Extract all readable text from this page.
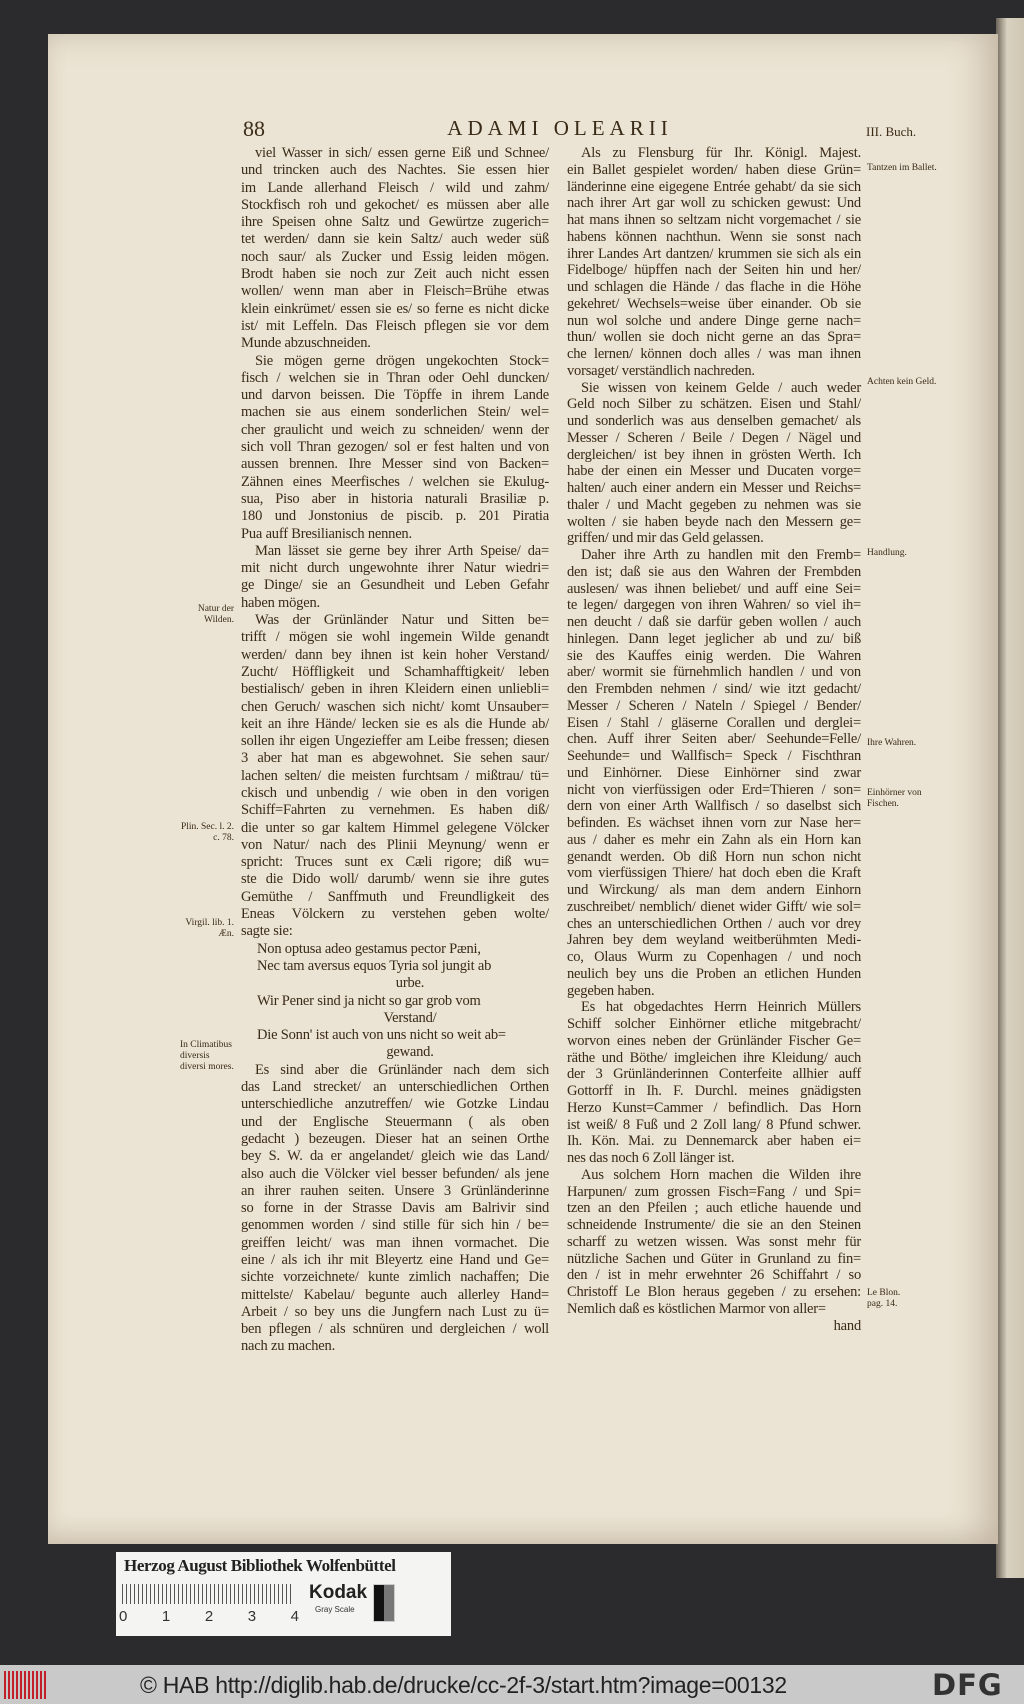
88	ADAMI OLEARII	III. Buch.
viel Wasser in sich/ essen gerne Eiß und Schnee/
und trincken auch des Nachtes. Sie essen hier
im Lande allerhand Fleisch / wild und zahm/
Stockfisch roh und gekochet/ es müssen aber alle
ihre Speisen ohne Saltz und Gewürtze zugerich=
tet werden/ dann sie kein Saltz/ auch weder süß
noch saur/ als Zucker und Essig leiden mögen.
Brodt haben sie noch zur Zeit auch nicht essen
wollen/ wenn man aber in Fleisch=Brühe etwas
klein einkrümet/ essen sie es/ so ferne es nicht dicke
ist/ mit Leffeln. Das Fleisch pflegen sie vor dem
Munde abzuschneiden.
Sie mögen gerne drögen ungekochten Stock=
fisch / welchen sie in Thran oder Oehl duncken/
und darvon beissen. Die Töpffe in ihrem Lande
machen sie aus einem sonderlichen Stein/ wel=
cher graulicht und weich zu schneiden/ wenn der
sich voll Thran gezogen/ sol er fest halten und von
aussen brennen. Ihre Messer sind von Backen=
Zähnen eines Meerfisches / welchen sie Ekulug-
sua, Piso aber in historia naturali Brasiliæ p.
180 und Jonstonius de piscib. p. 201 Piratia
Pua auff Bresilianisch nennen.
Man lässet sie gerne bey ihrer Arth Speise/ da=
mit nicht durch ungewohnte ihrer Natur wiedri=
ge Dinge/ sie an Gesundheit und Leben Gefahr
haben mögen.
Was der Grünländer Natur und Sitten be=
trifft / mögen sie wohl ingemein Wilde genandt
werden/ dann bey ihnen ist kein hoher Verstand/
Zucht/ Höffligkeit und Schamhafftigkeit/ leben
bestialisch/ geben in ihren Kleidern einen unliebli=
chen Geruch/ waschen sich nicht/ komt Unsauber=
keit an ihre Hände/ lecken sie es als die Hunde ab/
sollen ihr eigen Ungezieffer am Leibe fressen; diesen
3 aber hat man es abgewohnet. Sie sehen saur/
lachen selten/ die meisten furchtsam / mißtrau/ tü=
ckisch und unbendig / wie oben in den vorigen
Schiff=Fahrten zu vernehmen. Es haben diß/
die unter so gar kaltem Himmel gelegene Völcker
von Natur/ nach des Plinii Meynung/ wenn er
spricht: Truces sunt ex Cæli rigore; diß wu=
ste die Dido woll/ darumb/ wenn sie ihre gutes
Gemüthe / Sanffmuth und Freundligkeit des
Eneas Völckern zu verstehen geben wolte/
sagte sie:
Non optusa adeo gestamus pector Pæni,
Nec tam aversus equos Tyria sol jungit ab
urbe.
Wir Pener sind ja nicht so gar grob vom
Verstand/
Die Sonn' ist auch von uns nicht so weit ab=
gewand.
Es sind aber die Grünländer nach dem sich
das Land strecket/ an unterschiedlichen Orthen
unterschiedliche anzutreffen/ wie Gotzke Lindau
und der Englische Steuermann ( als oben
gedacht ) bezeugen. Dieser hat an seinen Orthe
bey S. W. da er angelandet/ gleich wie das Land/
also auch die Völcker viel besser befunden/ als jene
an ihrer rauhen seiten. Unsere 3 Grünländerinne
so forne in der Strasse Davis am Balrivir sind
genommen worden / sind stille für sich hin / be=
greiffen leicht/ was man ihnen vormachet. Die
eine / als ich ihr mit Bleyertz eine Hand und Ge=
sichte vorzeichnete/ kunte zimlich nachaffen; Die
mittelste/ Kabelau/ begunte auch allerley Hand=
Arbeit / so bey uns die Jungfern nach Lust zu ü=
ben pflegen / als schnüren und dergleichen / woll
nach zu machen.
Als zu Flensburg für Ihr. Königl. Majest.
ein Ballet gespielet worden/ haben diese Grün=
länderinne eine eigegene Entrée gehabt/ da sie sich
nach ihrer Art gar woll zu schicken gewust: Und
hat mans ihnen so seltzam nicht vorgemachet / sie
habens können nachthun. Wenn sie sonst nach
ihrer Landes Art dantzen/ krummen sie sich als ein
Fidelboge/ hüpffen nach der Seiten hin und her/
und schlagen die Hände / das flache in die Höhe
gekehret/ Wechsels=weise über einander. Ob sie
nun wol solche und andere Dinge gerne nach=
thun/ wollen sie doch nicht gerne an das Spra=
che lernen/ können doch alles / was man ihnen
vorsaget/ verständlich nachreden.
Sie wissen von keinem Gelde / auch weder
Geld noch Silber zu schätzen. Eisen und Stahl/
und sonderlich was aus denselben gemachet/ als
Messer / Scheren / Beile / Degen / Nägel und
dergleichen/ ist bey ihnen in grösten Werth. Ich
habe der einen ein Messer und Ducaten vorge=
halten/ auch einer andern ein Messer und Reichs=
thaler / und Macht gegeben zu nehmen was sie
wolten / sie haben beyde nach den Messern ge=
griffen/ und mir das Geld gelassen.
Daher ihre Arth zu handlen mit den Fremb=
den ist; daß sie aus den Wahren der Frembden
auslesen/ was ihnen beliebet/ und auff eine Sei=
te legen/ dargegen von ihren Wahren/ so viel ih=
nen deucht / daß sie darfür geben wollen / auch
hinlegen. Dann leget jeglicher ab und zu/ biß
sie des Kauffes einig werden. Die Wahren
aber/ wormit sie fürnehmlich handlen / und von
den Frembden nehmen / sind/ wie itzt gedacht/
Messer / Scheren / Nateln / Spiegel / Bender/
Eisen / Stahl / gläserne Corallen und derglei=
chen. Auff ihrer Seiten aber/ Seehunde=Felle/
Seehunde= und Wallfisch= Speck / Fischthran
und Einhörner. Diese Einhörner sind zwar
nicht von vierfüssigen oder Erd=Thieren / son=
dern von einer Arth Wallfisch / so daselbst sich
befinden. Es wächset ihnen vorn zur Nase her=
aus / daher es mehr ein Zahn als ein Horn kan
genandt werden. Ob diß Horn nun schon nicht
vom vierfüssigen Thiere/ hat doch eben die Kraft
und Wirckung/ als man dem andern Einhorn
zuschreibet/ nemblich/ dienet wider Gifft/ wie sol=
ches an unterschiedlichen Orthen / auch vor drey
Jahren bey dem weyland weitberühmten Medi-
co, Olaus Wurm zu Copenhagen / und noch
neulich bey uns die Proben an etlichen Hunden
gegeben haben.
Es hat obgedachtes Herrn Heinrich Müllers
Schiff solcher Einhörner etliche mitgebracht/
worvon eines neben der Grünländer Fischer Ge=
räthe und Böthe/ imgleichen ihre Kleidung/ auch
der 3 Grünländerinnen Conterfeite allhier auff
Gottorff in Ih. F. Durchl. meines gnädigsten
Herzo Kunst=Cammer / befindlich. Das Horn
ist weiß/ 8 Fuß und 2 Zoll lang/ 8 Pfund schwer.
Ih. Kön. Mai. zu Dennemarck aber haben ei=
nes das noch 6 Zoll länger ist.
Aus solchem Horn machen die Wilden ihre
Harpunen/ zum grossen Fisch=Fang / und Spi=
tzen an den Pfeilen ; auch etliche hauende und
schneidende Instrumente/ die sie an den Steinen
scharff zu wetzen wissen. Was sonst mehr für
nützliche Sachen und Güter in Grunland zu fin=
den / ist in mehr erwehnter 26 Schiffahrt / so
Christoff Le Blon heraus gegeben / zu ersehen:
Nemlich daß es köstlichen Marmor von aller=
hand
Tantzen im Ballet.
Achten kein Geld.
Handlung.
Ihre Wahren.
Einhörner von Fischen.
Le Blon. pag. 14.
Natur der Wilden.
Plin. Sec. l. 2. c. 78.
Virgil. lib. 1. Æn.
In Climatibus diversis diversi mores.
Herzog August Bibliothek Wolfenbüttel
0 1 2 3 4
Kodak
Gray Scale
© HAB http://diglib.hab.de/drucke/cc-2f-3/start.htm?image=00132	DFG
